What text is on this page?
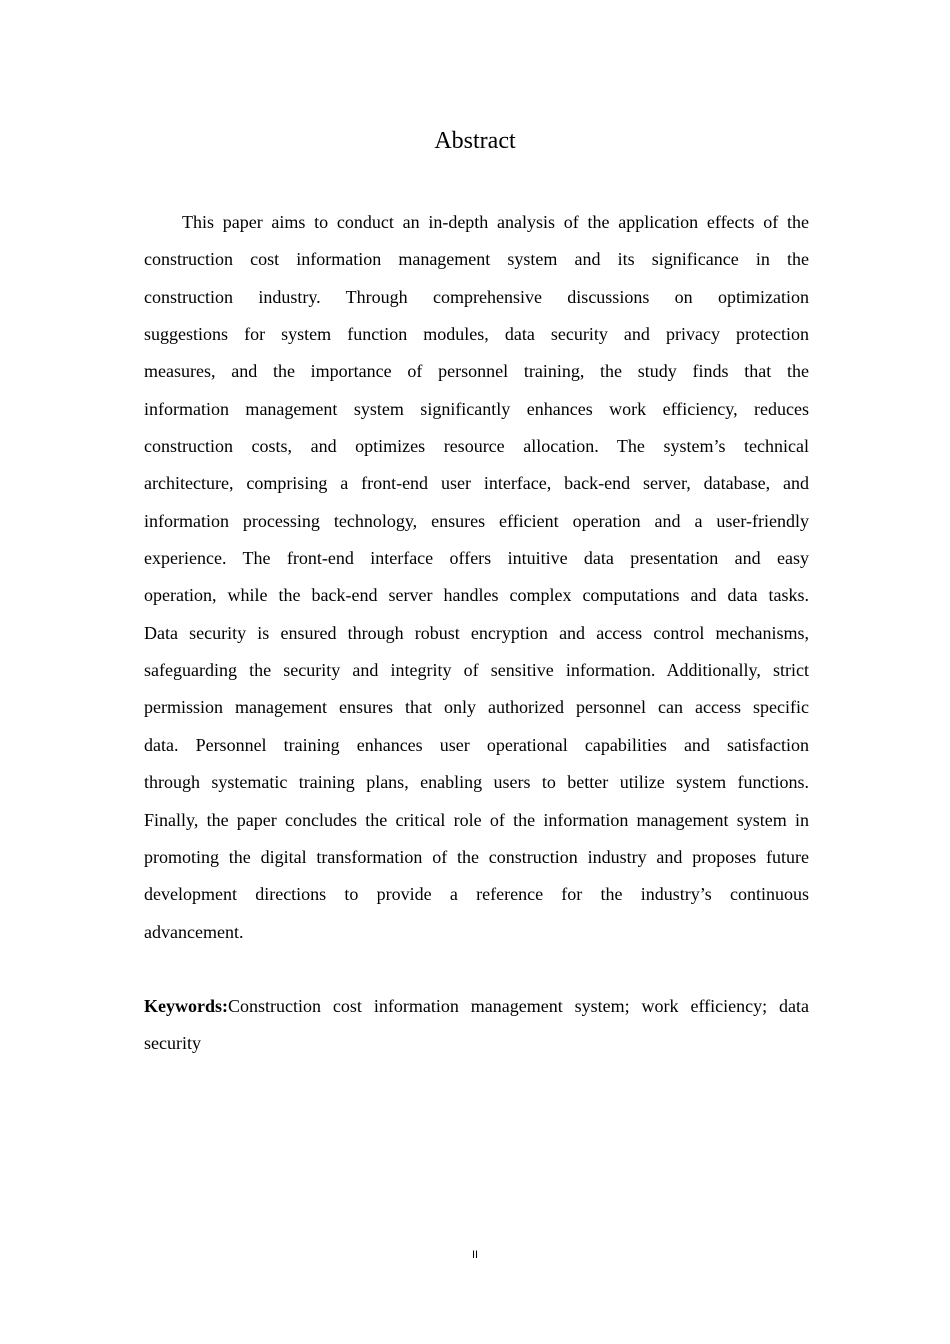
Abstract
This paper aims to conduct an in-depth analysis of the application effects of the
construction cost information management system and its significance in the
construction industry. Through comprehensive discussions on optimization
suggestions for system function modules, data security and privacy protection
measures, and the importance of personnel training, the study finds that the
information management system significantly enhances work efficiency, reduces
construction costs, and optimizes resource allocation. The system’s technical
architecture, comprising a front-end user interface, back-end server, database, and
information processing technology, ensures efficient operation and a user-friendly
experience. The front-end interface offers intuitive data presentation and easy
operation, while the back-end server handles complex computations and data tasks.
Data security is ensured through robust encryption and access control mechanisms,
safeguarding the security and integrity of sensitive information. Additionally, strict
permission management ensures that only authorized personnel can access specific
data. Personnel training enhances user operational capabilities and satisfaction
through systematic training plans, enabling users to better utilize system functions.
Finally, the paper concludes the critical role of the information management system in
promoting the digital transformation of the construction industry and proposes future
development directions to provide a reference for the industry’s continuous
advancement.
Keywords:Construction cost information management system; work efficiency; data
security
II
